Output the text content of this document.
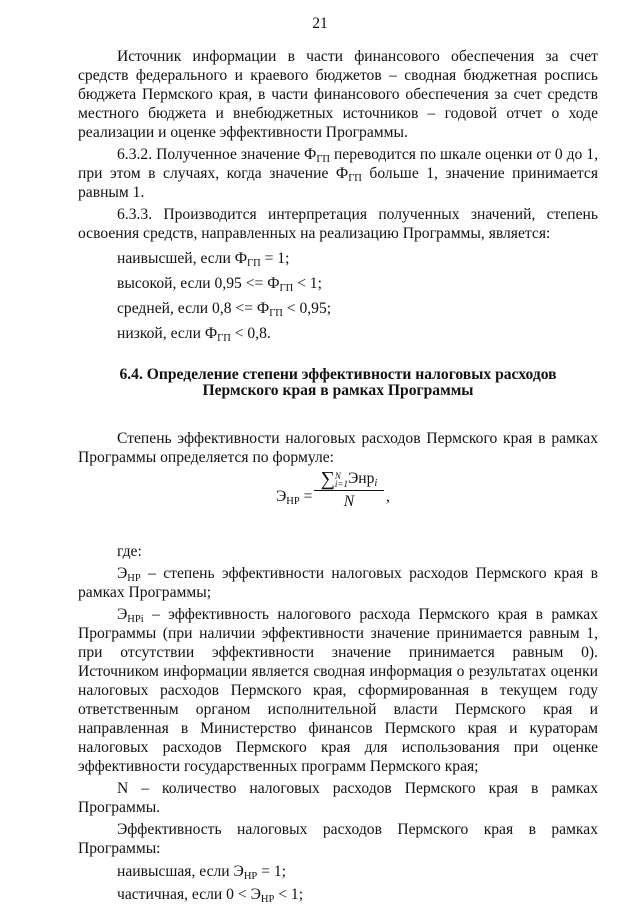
21

Источник информации в части финансового обеспечения за счет средств федерального и краевого бюджетов – сводная бюджетная роспись бюджета Пермского края, в части финансового обеспечения за счет средств местного бюджета и внебюджетных источников – годовой отчет о ходе реализации и оценке эффективности Программы.

6.3.2. Полученное значение $Ф_{ГП}$ переводится по шкале оценки от 0 до 1, при этом в случаях, когда значение $Ф_{ГП}$ больше 1, значение принимается равным 1.

6.3.3. Производится интерпретация полученных значений, степень освоения средств, направленных на реализацию Программы, является:

наивысшей, если $Ф_{ГП} = 1$;
высокой, если $0,95 <= Ф_{ГП} < 1$;
средней, если $0,8 <= Ф_{ГП} < 0,95$;
низкой, если $Ф_{ГП} < 0,8$.
6.4. Определение степени эффективности налоговых расходов
Пермского края в рамках Программы

Степень эффективности налоговых расходов Пермского края в рамках Программы определяется по формуле:

$Э_{НР}$ =
∑ N
i=1 Энр$_i$
N	,

где:

$Э_{НР}$ – степень эффективности налоговых расходов Пермского края в рамках Программы;

$Э_{НРi}$ – эффективность налогового расхода Пермского края в рамках Программы (при наличии эффективности значение принимается равным 1, при отсутствии эффективности значение принимается равным 0). Источником информации является сводная информация о результатах оценки налоговых расходов Пермского края, сформированная в текущем году ответственным органом исполнительной власти Пермского края и направленная в Министерство финансов Пермского края и кураторам налоговых расходов Пермского края для использования при оценке эффективности государственных программ Пермского края;

N – количество налоговых расходов Пермского края в рамках Программы.

Эффективность налоговых расходов Пермского края в рамках Программы:

наивысшая, если $Э_{НР} = 1$;
частичная, если $0 < Э_{НР} < 1$;
